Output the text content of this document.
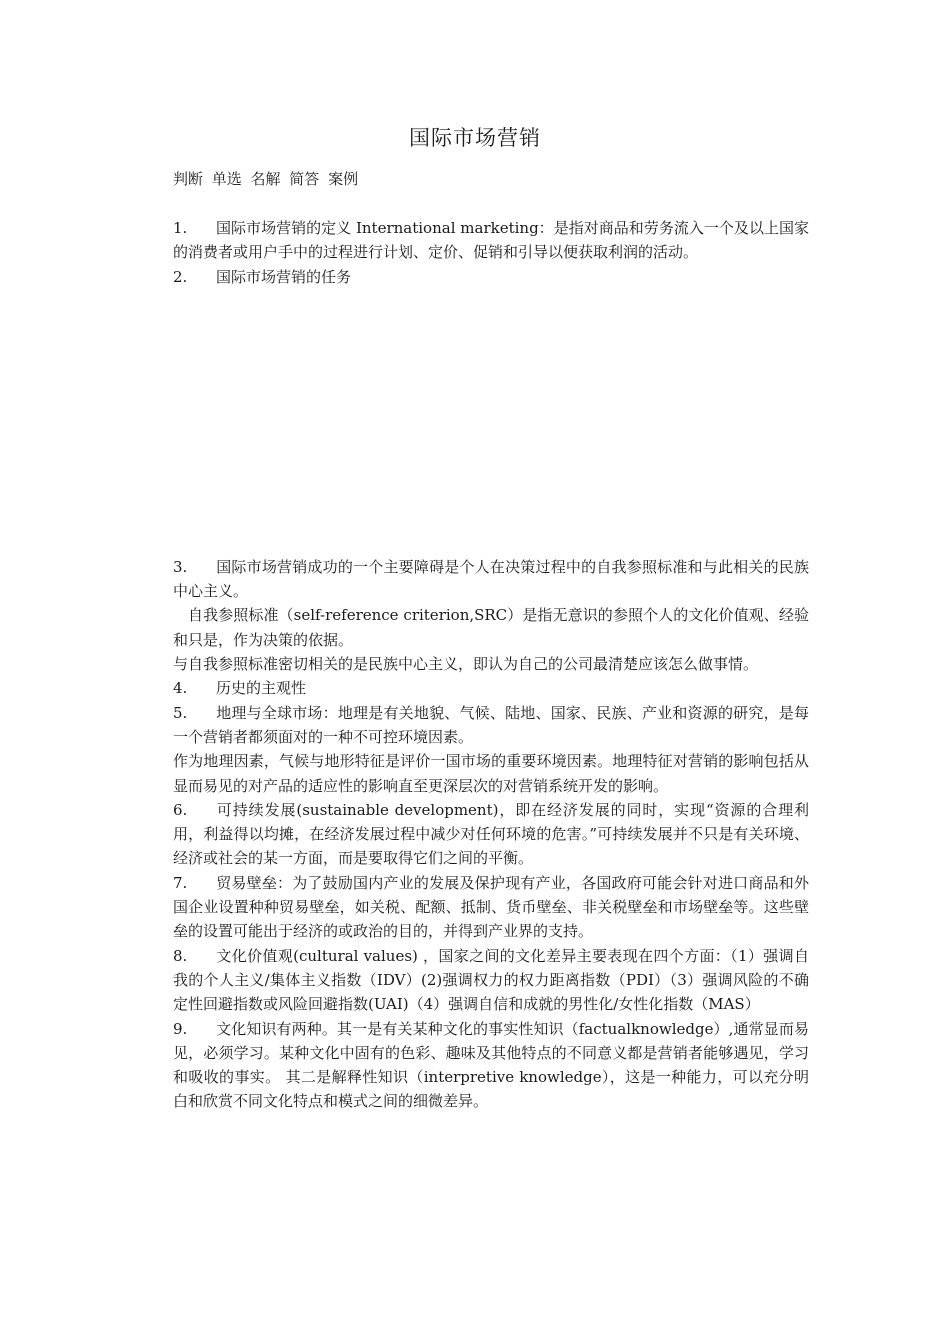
国际市场营销
判断 单选 名解 简答 案例

1. 国际市场营销的定义 International marketing：是指对商品和劳务流入一个及以上国家的消费者或用户手中的过程进行计划、定价、促销和引导以便获取利润的活动。

2. 国际市场营销的任务

3. 国际市场营销成功的一个主要障碍是个人在决策过程中的自我参照标准和与此相关的民族中心主义。

自我参照标准（self-reference criterion,SRC）是指无意识的参照个人的文化价值观、经验和只是，作为决策的依据。

与自我参照标准密切相关的是民族中心主义，即认为自己的公司最清楚应该怎么做事情。

4. 历史的主观性

5. 地理与全球市场：地理是有关地貌、气候、陆地、国家、民族、产业和资源的研究，是每一个营销者都须面对的一种不可控环境因素。

作为地理因素，气候与地形特征是评价一国市场的重要环境因素。地理特征对营销的影响包括从显而易见的对产品的适应性的影响直至更深层次的对营销系统开发的影响。

6. 可持续发展(sustainable development)，即在经济发展的同时，实现“资源的合理利用，利益得以均摊，在经济发展过程中减少对任何环境的危害。”可持续发展并不只是有关环境、经济或社会的某一方面，而是要取得它们之间的平衡。

7. 贸易壁垒：为了鼓励国内产业的发展及保护现有产业，各国政府可能会针对进口商品和外国企业设置种种贸易壁垒，如关税、配额、抵制、货币壁垒、非关税壁垒和市场壁垒等。这些壁垒的设置可能出于经济的或政治的目的，并得到产业界的支持。

8. 文化价值观(cultural values) ，国家之间的文化差异主要表现在四个方面：（1）强调自我的个人主义/集体主义指数（IDV）(2)强调权力的权力距离指数（PDI）（3）强调风险的不确定性回避指数或风险回避指数(UAI)（4）强调自信和成就的男性化/女性化指数（MAS）

9. 文化知识有两种。其一是有关某种文化的事实性知识（factualknowledge）,通常显而易见，必须学习。某种文化中固有的色彩、趣味及其他特点的不同意义都是营销者能够遇见，学习和吸收的事实。 其二是解释性知识（interpretive knowledge），这是一种能力，可以充分明白和欣赏不同文化特点和模式之间的细微差异。
